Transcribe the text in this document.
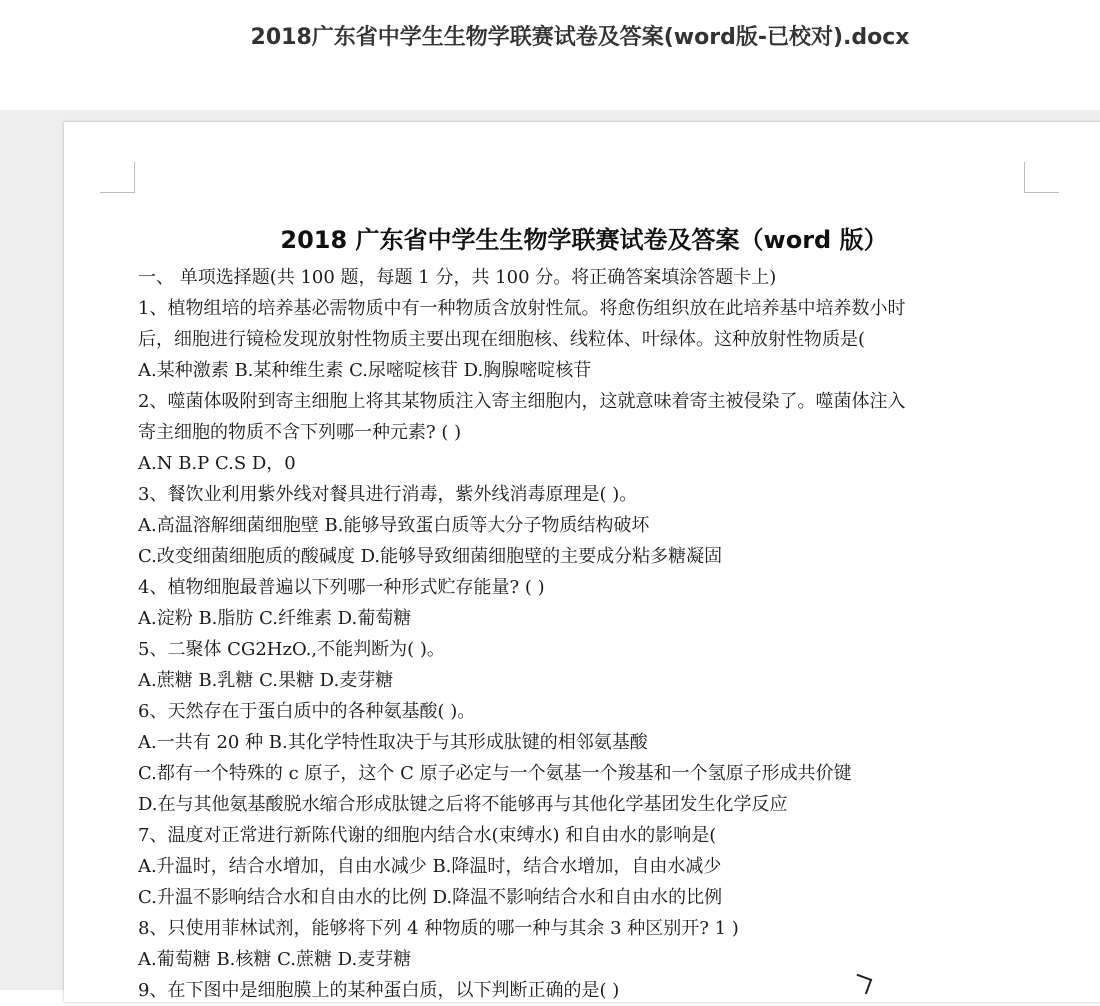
2018广东省中学生生物学联赛试卷及答案(word版-已校对).docx
2018 广东省中学生生物学联赛试卷及答案（word 版）
一、 单项选择题(共 100 题，每题 1 分，共 100 分。将正确答案填涂答题卡上)
1、植物组培的培养基必需物质中有一种物质含放射性氚。将愈伤组织放在此培养基中培养数小时
后，细胞进行镜检发现放射性物质主要出现在细胞核、线粒体、叶绿体。这种放射性物质是(
A.某种激素 B.某种维生素 C.尿嘧啶核苷 D.胸腺嘧啶核苷
2、噬菌体吸附到寄主细胞上将其某物质注入寄主细胞内，这就意味着寄主被侵染了。噬菌体注入
寄主细胞的物质不含下列哪一种元素? ( )
A.N B.P C.S D，0
3、餐饮业利用紫外线对餐具进行消毒，紫外线消毒原理是( )。
A.高温溶解细菌细胞壁 B.能够导致蛋白质等大分子物质结构破坏
C.改变细菌细胞质的酸碱度 D.能够导致细菌细胞壁的主要成分粘多糖凝固
4、植物细胞最普遍以下列哪一种形式贮存能量? ( )
A.淀粉 B.脂肪 C.纤维素 D.葡萄糖
5、二聚体 CG2HzO.,不能判断为( )。
A.蔗糖 B.乳糖 C.果糖 D.麦芽糖
6、天然存在于蛋白质中的各种氨基酸( )。
A.一共有 20 种 B.其化学特性取决于与其形成肽键的相邻氨基酸
C.都有一个特殊的 c 原子，这个 C 原子必定与一个氨基一个羧基和一个氢原子形成共价键
D.在与其他氨基酸脱水缩合形成肽键之后将不能够再与其他化学基团发生化学反应
7、温度对正常进行新陈代谢的细胞内结合水(束缚水) 和自由水的影响是(
A.升温时，结合水增加，自由水减少 B.降温时，结合水增加，自由水减少
C.升温不影响结合水和自由水的比例 D.降温不影响结合水和自由水的比例
8、只使用菲林试剂，能够将下列 4 种物质的哪一种与其余 3 种区别开? 1 )
A.葡萄糖 B.核糖 C.蔗糖 D.麦芽糖
9、在下图中是细胞膜上的某种蛋白质，以下判断正确的是( )
